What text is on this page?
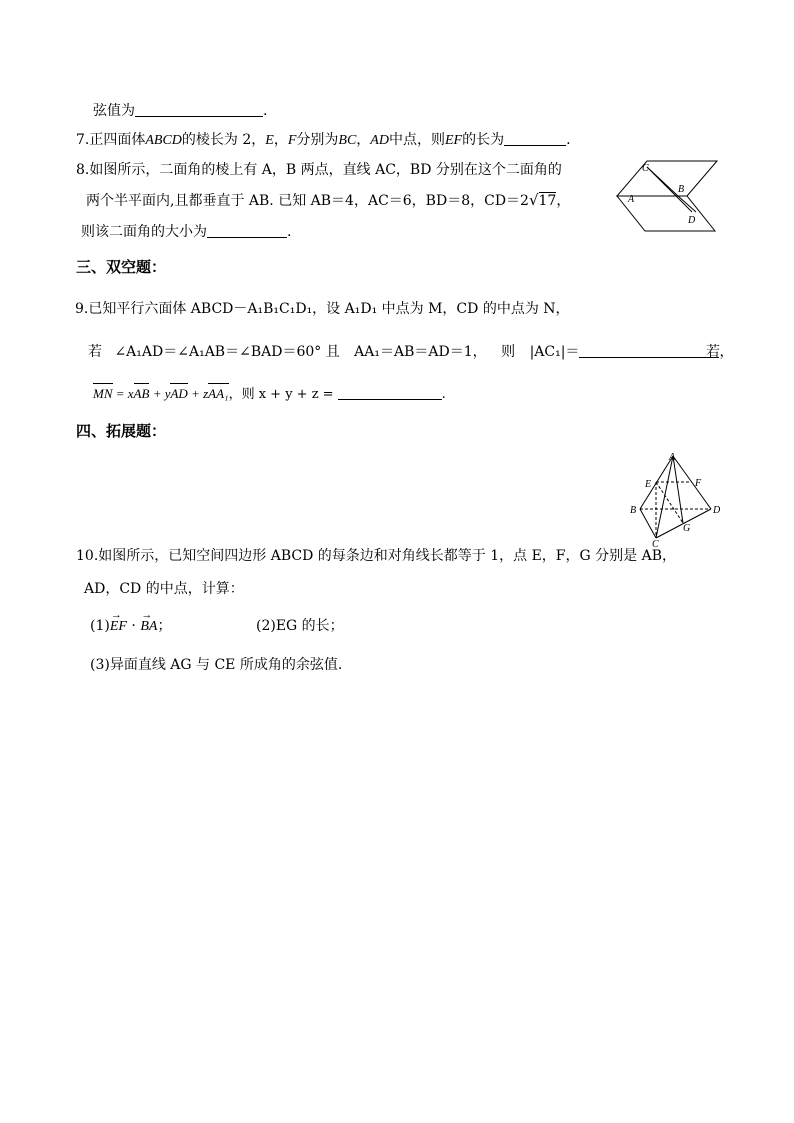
弦值为	.
7.正四面体ABCD的棱长为 2，E，F分别为BC，AD中点，则EF的长为	.
8.如图所示，二面角的棱上有 A，B 两点，直线 AC，BD 分别在这个二面角的
两个半平面内,且都垂直于 AB. 已知 AB＝4，AC＝6，BD＝8，CD＝2√17，
则该二面角的大小为	.
C
A
B
D
三、双空题：
9.已知平行六面体 ABCD－A₁B₁C₁D₁，设 A₁D₁ 中点为 M，CD 的中点为 N，
若 ∠A₁AD＝∠A₁AB＝∠BAD＝60° 且 AA₁＝AB＝AD＝1， 则 |AC₁|＝	，
若
MN = xAB + yAD + zAA₁，则 x + y + z =	.
四、拓展题：
A
E	F
B	D
C
G
10.如图所示，已知空间四边形 ABCD 的每条边和对角线长都等于 1，点 E，F，G 分别是 AB，
AD，CD 的中点，计算：
(1)→ EF · → BA；	(2)EG 的长；
(3)异面直线 AG 与 CE 所成角的余弦值.
